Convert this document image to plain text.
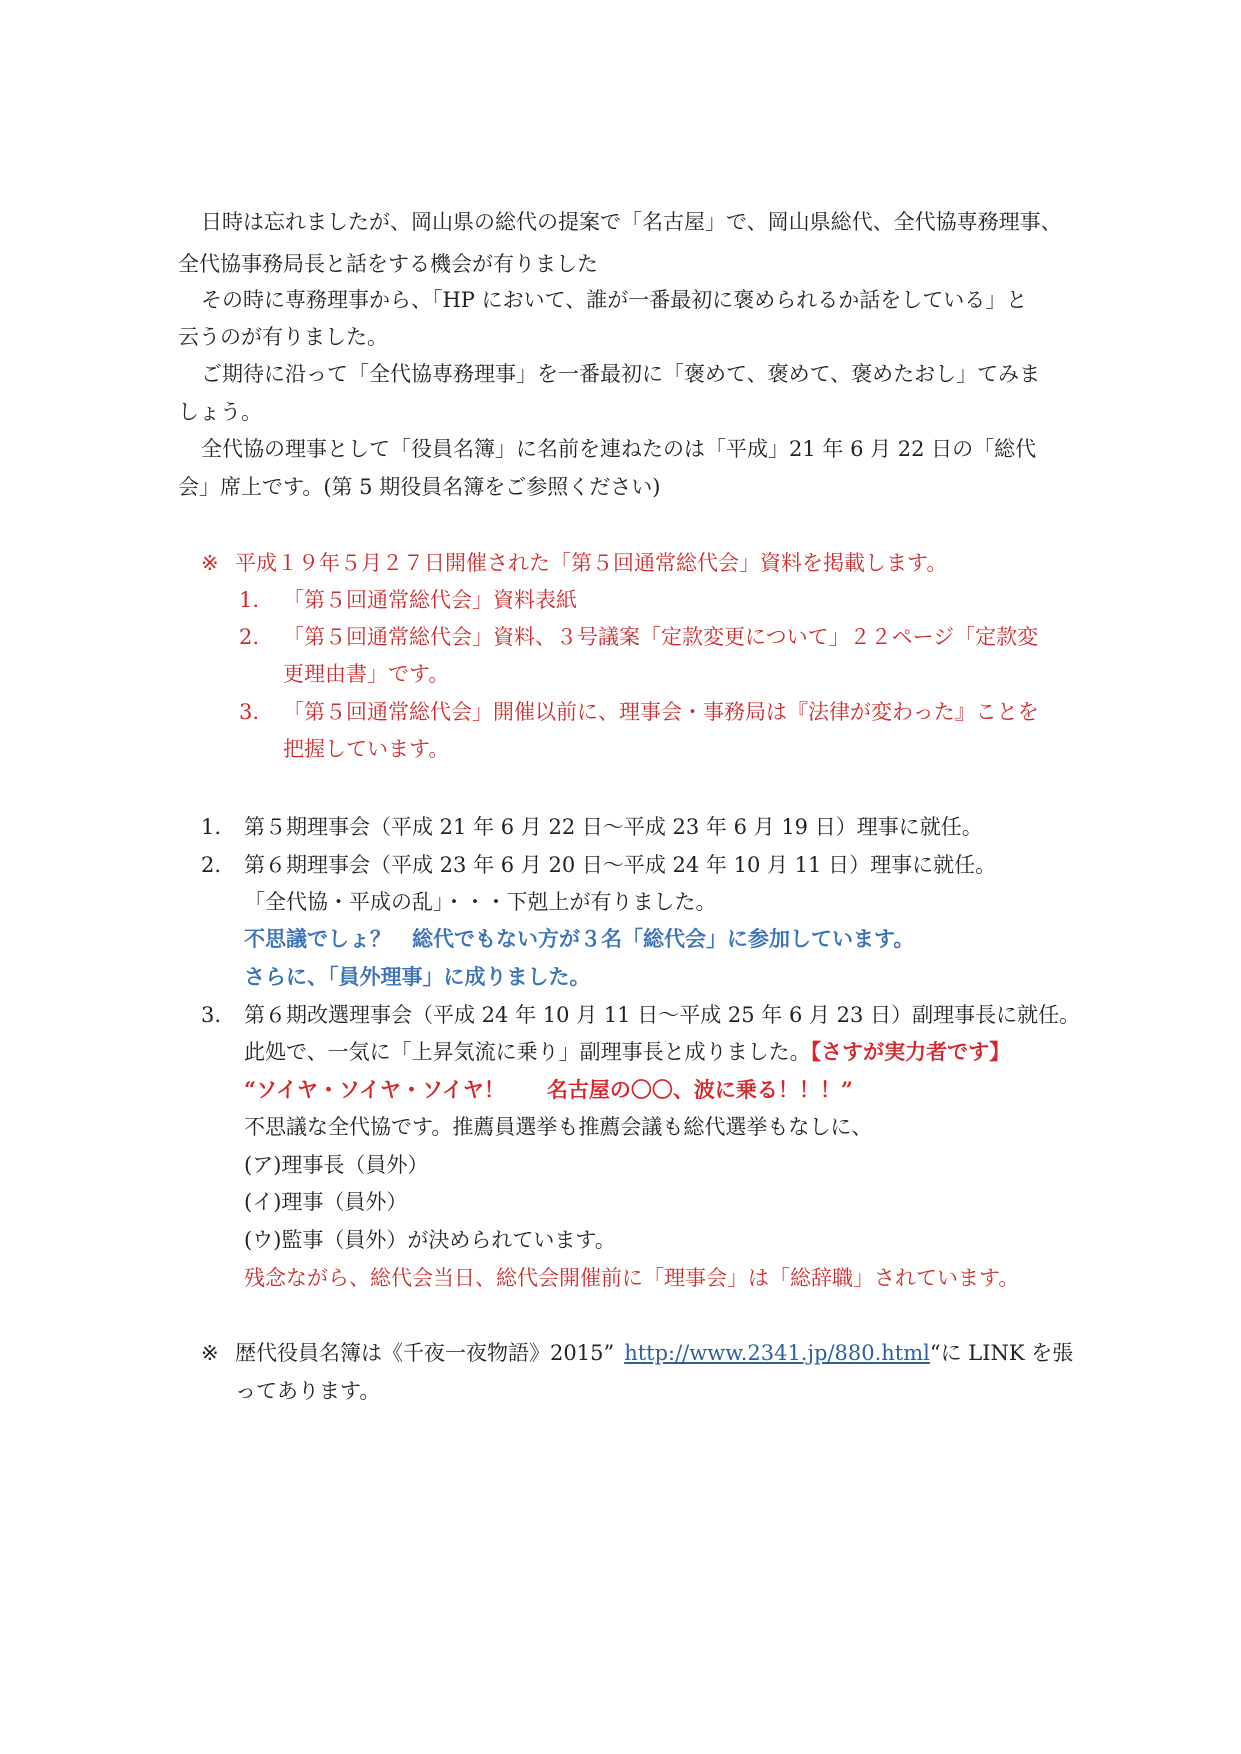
日時は忘れましたが、岡山県の総代の提案で「名古屋」で、岡山県総代、全代協専務理事、
全代協事務局長と話をする機会が有りました
その時に専務理事から、「HP において、誰が一番最初に褒められるか話をしている」と
云うのが有りました。
ご期待に沿って「全代協専務理事」を一番最初に「褒めて、褒めて、褒めたおし」てみま
しょう。
全代協の理事として「役員名簿」に名前を連ねたのは「平成」21 年 6 月 22 日の「総代
会」席上です。(第 5 期役員名簿をご参照ください)
※ 平成１９年５月２７日開催された「第５回通常総代会」資料を掲載します。
1. 「第５回通常総代会」資料表紙
2. 「第５回通常総代会」資料、３号議案「定款変更について」２２ページ「定款変
更理由書」です。
3. 「第５回通常総代会」開催以前に、理事会・事務局は『法律が変わった』ことを
把握しています。
1. 第５期理事会（平成 21 年 6 月 22 日～平成 23 年 6 月 19 日）理事に就任。
2. 第６期理事会（平成 23 年 6 月 20 日～平成 24 年 10 月 11 日）理事に就任。
「全代協・平成の乱」・・・下剋上が有りました。
不思議でしょ？　総代でもない方が３名「総代会」に参加しています。
さらに、「員外理事」に成りました。
3. 第６期改選理事会（平成 24 年 10 月 11 日～平成 25 年 6 月 23 日）副理事長に就任。
此処で、一気に「上昇気流に乗り」副理事長と成りました。【さすが実力者です】
“ソイヤ・ソイヤ・ソイヤ！　　名古屋の〇〇、波に乗る！！！”
不思議な全代協です。推薦員選挙も推薦会議も総代選挙もなしに、
(ア)理事長（員外）
(イ)理事（員外）
(ウ)監事（員外）が決められています。
残念ながら、総代会当日、総代会開催前に「理事会」は「総辞職」されています。
※ 歴代役員名簿は《千夜一夜物語》2015” http://www.2341.jp/880.html“に LINK を張
ってあります。
